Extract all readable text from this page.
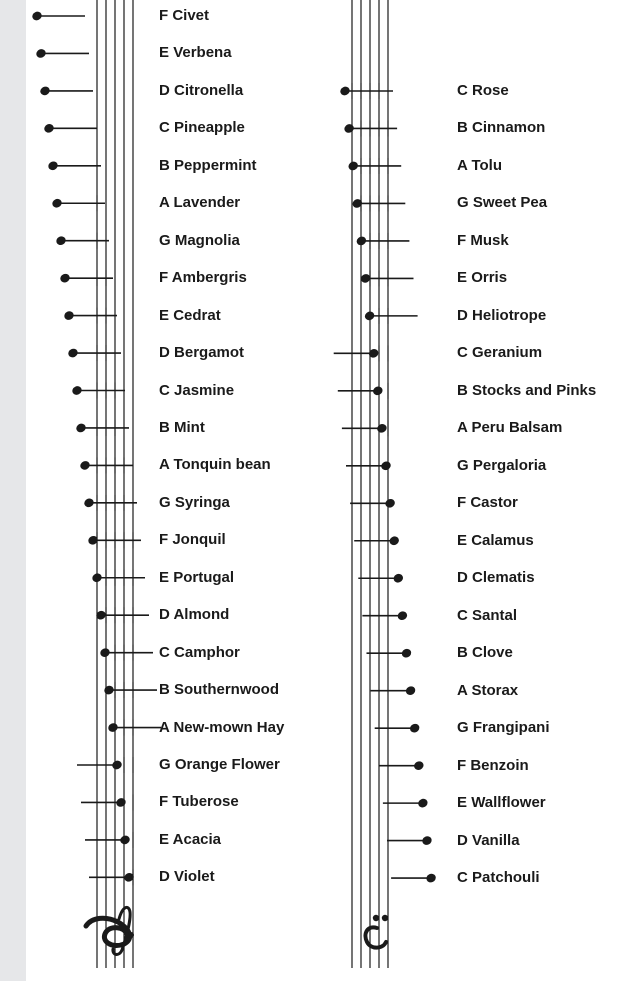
F Civet
E Verbena
D Citronella
C Pineapple
B Peppermint
A Lavender
G Magnolia
F Ambergris
E Cedrat
D Bergamot
C Jasmine
B Mint
A Tonquin bean
G Syringa
F Jonquil
E Portugal
D Almond
C Camphor
B Southernwood
A New-mown Hay
G Orange Flower
F Tuberose
E Acacia
D Violet
C Rose
B Cinnamon
A Tolu
G Sweet Pea
F Musk
E Orris
D Heliotrope
C Geranium
B Stocks and Pinks
A Peru Balsam
G Pergaloria
F Castor
E Calamus
D Clematis
C Santal
B Clove
A Storax
G Frangipani
F Benzoin
E Wallflower
D Vanilla
C Patchouli
